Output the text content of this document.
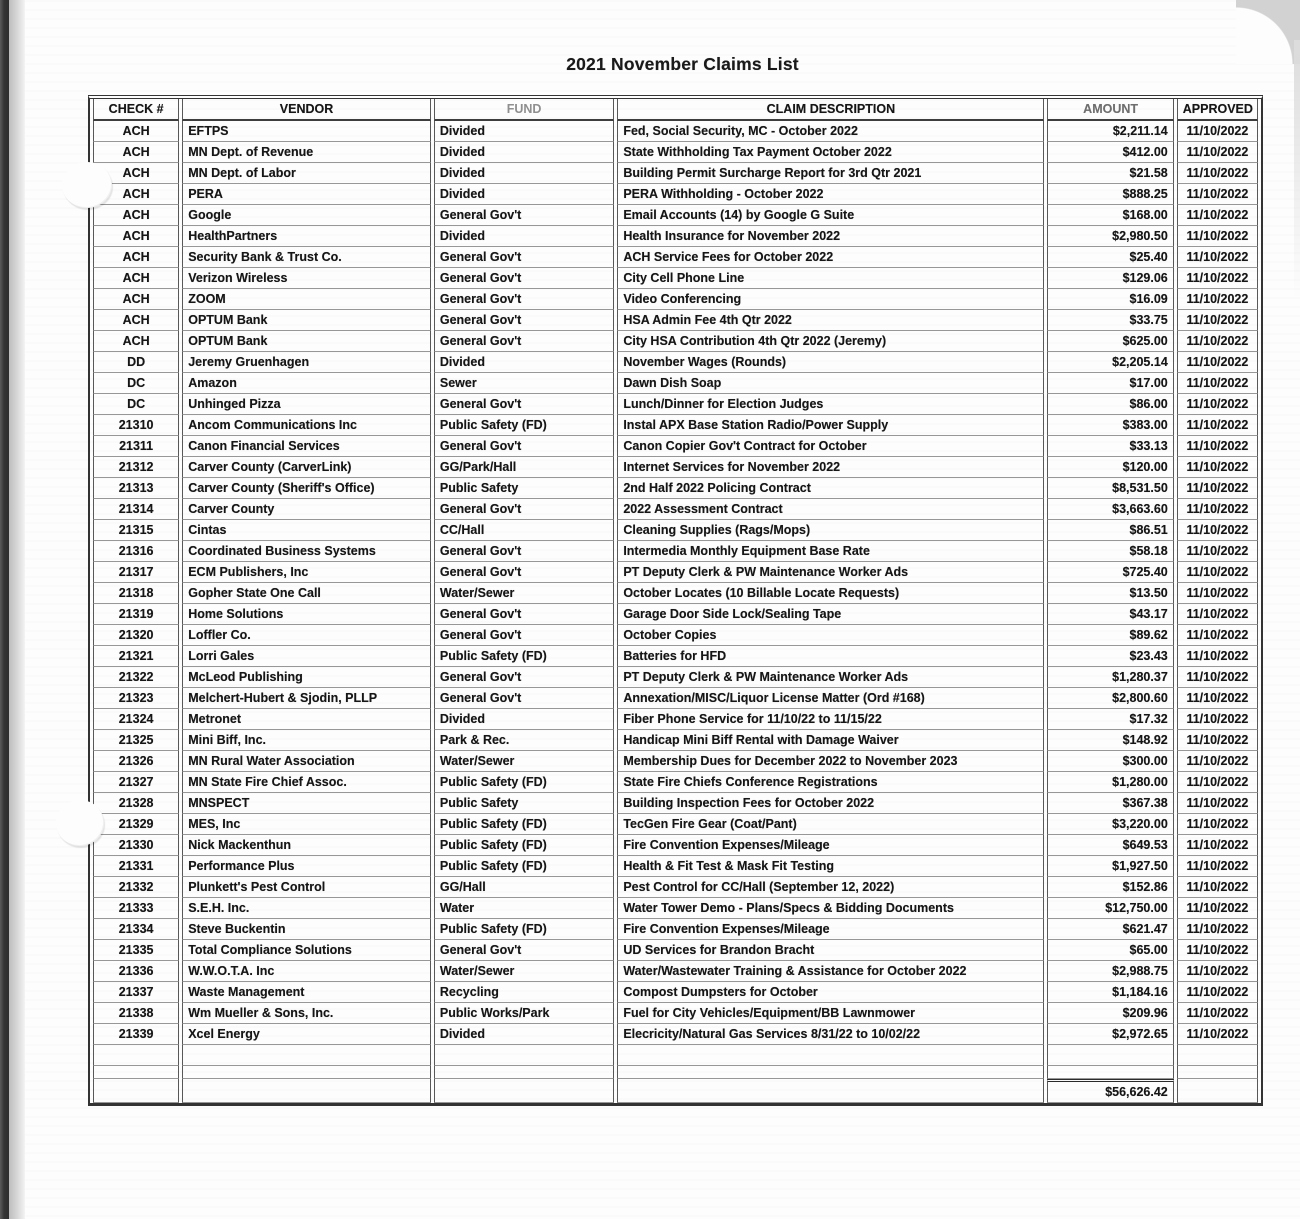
2021 November Claims List
CHECK #	VENDOR	FUND	CLAIM DESCRIPTION	AMOUNT	APPROVED
ACH	EFTPS	Divided	Fed, Social Security, MC - October 2022	$2,211.14	11/10/2022
ACH	MN Dept. of Revenue	Divided	State Withholding Tax Payment October 2022	$412.00	11/10/2022
ACH	MN Dept. of Labor	Divided	Building Permit Surcharge Report for 3rd Qtr 2021	$21.58	11/10/2022
ACH	PERA	Divided	PERA Withholding - October 2022	$888.25	11/10/2022
ACH	Google	General Gov't	Email Accounts (14) by Google G Suite	$168.00	11/10/2022
ACH	HealthPartners	Divided	Health Insurance for November 2022	$2,980.50	11/10/2022
ACH	Security Bank & Trust Co.	General Gov't	ACH Service Fees for October 2022	$25.40	11/10/2022
ACH	Verizon Wireless	General Gov't	City Cell Phone Line	$129.06	11/10/2022
ACH	ZOOM	General Gov't	Video Conferencing	$16.09	11/10/2022
ACH	OPTUM Bank	General Gov't	HSA Admin Fee 4th Qtr 2022	$33.75	11/10/2022
ACH	OPTUM Bank	General Gov't	City HSA Contribution 4th Qtr 2022 (Jeremy)	$625.00	11/10/2022
DD	Jeremy Gruenhagen	Divided	November Wages (Rounds)	$2,205.14	11/10/2022
DC	Amazon	Sewer	Dawn Dish Soap	$17.00	11/10/2022
DC	Unhinged Pizza	General Gov't	Lunch/Dinner for Election Judges	$86.00	11/10/2022
21310	Ancom Communications Inc	Public Safety (FD)	Instal APX Base Station Radio/Power Supply	$383.00	11/10/2022
21311	Canon Financial Services	General Gov't	Canon Copier Gov't Contract for October	$33.13	11/10/2022
21312	Carver County (CarverLink)	GG/Park/Hall	Internet Services for November 2022	$120.00	11/10/2022
21313	Carver County (Sheriff's Office)	Public Safety	2nd Half 2022 Policing Contract	$8,531.50	11/10/2022
21314	Carver County	General Gov't	2022 Assessment Contract	$3,663.60	11/10/2022
21315	Cintas	CC/Hall	Cleaning Supplies (Rags/Mops)	$86.51	11/10/2022
21316	Coordinated Business Systems	General Gov't	Intermedia Monthly Equipment Base Rate	$58.18	11/10/2022
21317	ECM Publishers, Inc	General Gov't	PT Deputy Clerk & PW Maintenance Worker Ads	$725.40	11/10/2022
21318	Gopher State One Call	Water/Sewer	October Locates (10 Billable Locate Requests)	$13.50	11/10/2022
21319	Home Solutions	General Gov't	Garage Door Side Lock/Sealing Tape	$43.17	11/10/2022
21320	Loffler Co.	General Gov't	October Copies	$89.62	11/10/2022
21321	Lorri Gales	Public Safety (FD)	Batteries for HFD	$23.43	11/10/2022
21322	McLeod Publishing	General Gov't	PT Deputy Clerk & PW Maintenance Worker Ads	$1,280.37	11/10/2022
21323	Melchert-Hubert & Sjodin, PLLP	General Gov't	Annexation/MISC/Liquor License Matter (Ord #168)	$2,800.60	11/10/2022
21324	Metronet	Divided	Fiber Phone Service for 11/10/22 to 11/15/22	$17.32	11/10/2022
21325	Mini Biff, Inc.	Park & Rec.	Handicap Mini Biff Rental with Damage Waiver	$148.92	11/10/2022
21326	MN Rural Water Association	Water/Sewer	Membership Dues for December 2022 to November 2023	$300.00	11/10/2022
21327	MN State Fire Chief Assoc.	Public Safety (FD)	State Fire Chiefs Conference Registrations	$1,280.00	11/10/2022
21328	MNSPECT	Public Safety	Building Inspection Fees for October 2022	$367.38	11/10/2022
21329	MES, Inc	Public Safety (FD)	TecGen Fire Gear (Coat/Pant)	$3,220.00	11/10/2022
21330	Nick Mackenthun	Public Safety (FD)	Fire Convention Expenses/Mileage	$649.53	11/10/2022
21331	Performance Plus	Public Safety (FD)	Health & Fit Test & Mask Fit Testing	$1,927.50	11/10/2022
21332	Plunkett's Pest Control	GG/Hall	Pest Control for CC/Hall (September 12, 2022)	$152.86	11/10/2022
21333	S.E.H. Inc.	Water	Water Tower Demo - Plans/Specs & Bidding Documents	$12,750.00	11/10/2022
21334	Steve Buckentin	Public Safety (FD)	Fire Convention Expenses/Mileage	$621.47	11/10/2022
21335	Total Compliance Solutions	General Gov't	UD Services for Brandon Bracht	$65.00	11/10/2022
21336	W.W.O.T.A. Inc	Water/Sewer	Water/Wastewater Training & Assistance for October 2022	$2,988.75	11/10/2022
21337	Waste Management	Recycling	Compost Dumpsters for October	$1,184.16	11/10/2022
21338	Wm Mueller & Sons, Inc.	Public Works/Park	Fuel for City Vehicles/Equipment/BB Lawnmower	$209.96	11/10/2022
21339	Xcel Energy	Divided	Elecricity/Natural Gas Services 8/31/22 to 10/02/22	$2,972.65	11/10/2022

				$56,626.42	
